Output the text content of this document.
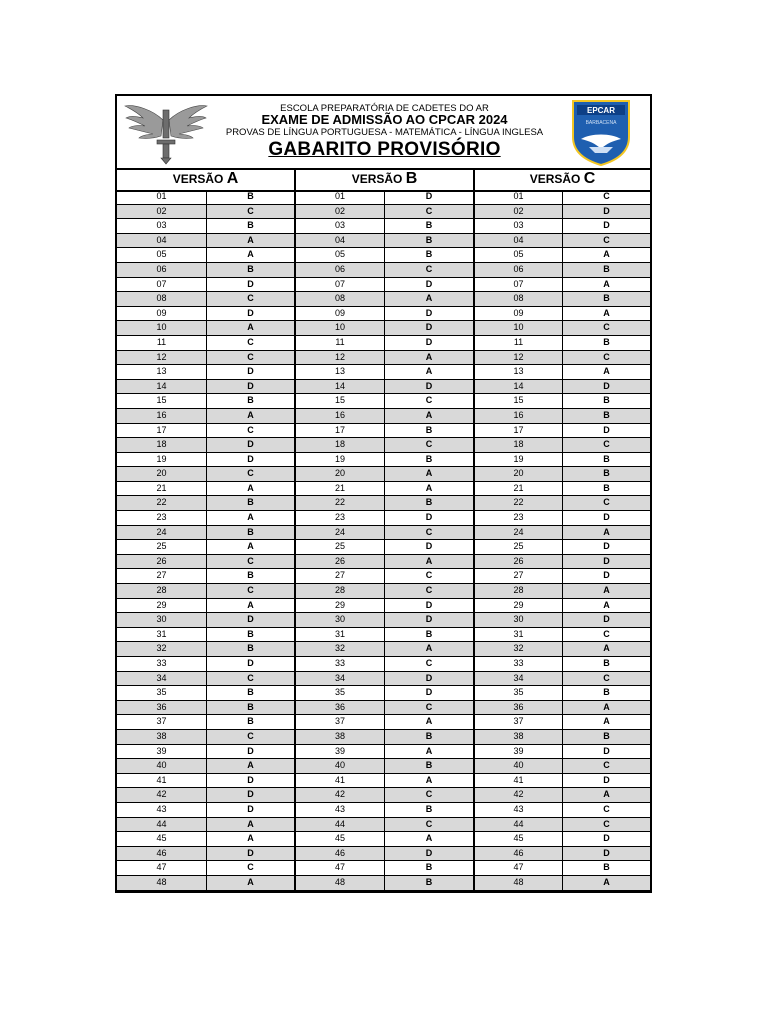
ESCOLA PREPARATÓRIA DE CADETES DO AR
EXAME DE ADMISSÃO AO CPCAR 2024
PROVAS DE LÍNGUA PORTUGUESA - MATEMÁTICA - LÍNGUA INGLESA
GABARITO PROVISÓRIO
EPCAR
BARBACENA
VERSÃO A	VERSÃO B	VERSÃO C
01	B	01	D	01	C
02	C	02	C	02	D
03	B	03	B	03	D
04	A	04	B	04	C
05	A	05	B	05	A
06	B	06	C	06	B
07	D	07	D	07	A
08	C	08	A	08	B
09	D	09	D	09	A
10	A	10	D	10	C
11	C	11	D	11	B
12	C	12	A	12	C
13	D	13	A	13	A
14	D	14	D	14	D
15	B	15	C	15	B
16	A	16	A	16	B
17	C	17	B	17	D
18	D	18	C	18	C
19	D	19	B	19	B
20	C	20	A	20	B
21	A	21	A	21	B
22	B	22	B	22	C
23	A	23	D	23	D
24	B	24	C	24	A
25	A	25	D	25	D
26	C	26	A	26	D
27	B	27	C	27	D
28	C	28	C	28	A
29	A	29	D	29	A
30	D	30	D	30	D
31	B	31	B	31	C
32	B	32	A	32	A
33	D	33	C	33	B
34	C	34	D	34	C
35	B	35	D	35	B
36	B	36	C	36	A
37	B	37	A	37	A
38	C	38	B	38	B
39	D	39	A	39	D
40	A	40	B	40	C
41	D	41	A	41	D
42	D	42	C	42	A
43	D	43	B	43	C
44	A	44	C	44	C
45	A	45	A	45	D
46	D	46	D	46	D
47	C	47	B	47	B
48	A	48	B	48	A
